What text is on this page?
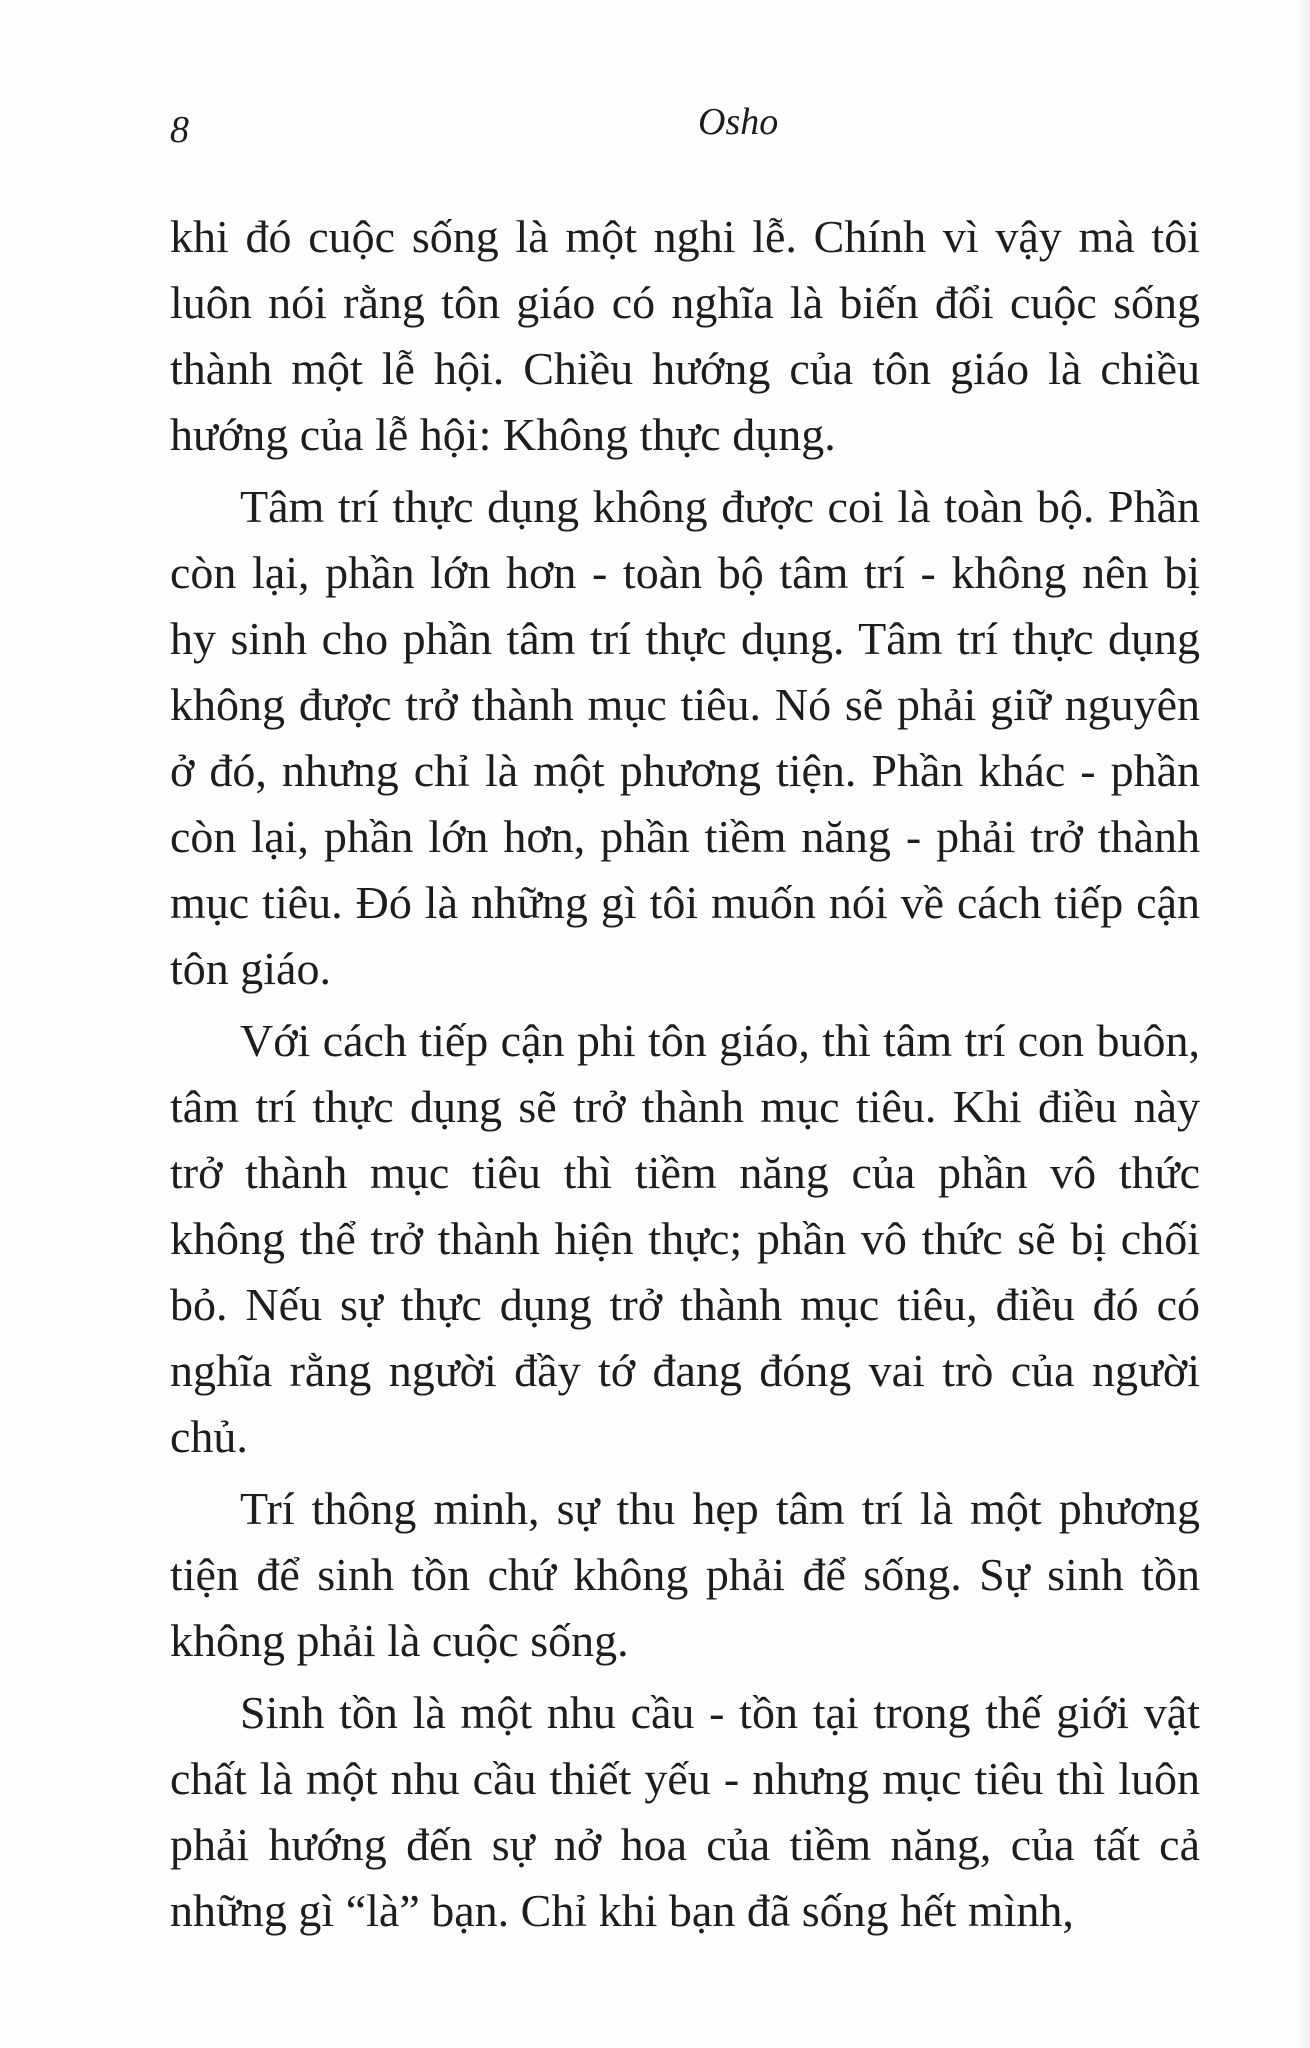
8	Osho

khi đó cuộc sống là một nghi lễ. Chính vì vậy mà tôi luôn nói rằng tôn giáo có nghĩa là biến đổi cuộc sống thành một lễ hội. Chiều hướng của tôn giáo là chiều hướng của lễ hội: Không thực dụng.

Tâm trí thực dụng không được coi là toàn bộ. Phần còn lại, phần lớn hơn - toàn bộ tâm trí - không nên bị hy sinh cho phần tâm trí thực dụng. Tâm trí thực dụng không được trở thành mục tiêu. Nó sẽ phải giữ nguyên ở đó, nhưng chỉ là một phương tiện. Phần khác - phần còn lại, phần lớn hơn, phần tiềm năng - phải trở thành mục tiêu. Đó là những gì tôi muốn nói về cách tiếp cận tôn giáo.

Với cách tiếp cận phi tôn giáo, thì tâm trí con buôn, tâm trí thực dụng sẽ trở thành mục tiêu. Khi điều này trở thành mục tiêu thì tiềm năng của phần vô thức không thể trở thành hiện thực; phần vô thức sẽ bị chối bỏ. Nếu sự thực dụng trở thành mục tiêu, điều đó có nghĩa rằng người đầy tớ đang đóng vai trò của người chủ.

Trí thông minh, sự thu hẹp tâm trí là một phương tiện để sinh tồn chứ không phải để sống. Sự sinh tồn không phải là cuộc sống.

Sinh tồn là một nhu cầu - tồn tại trong thế giới vật chất là một nhu cầu thiết yếu - nhưng mục tiêu thì luôn phải hướng đến sự nở hoa của tiềm năng, của tất cả những gì “là” bạn. Chỉ khi bạn đã sống hết mình,
